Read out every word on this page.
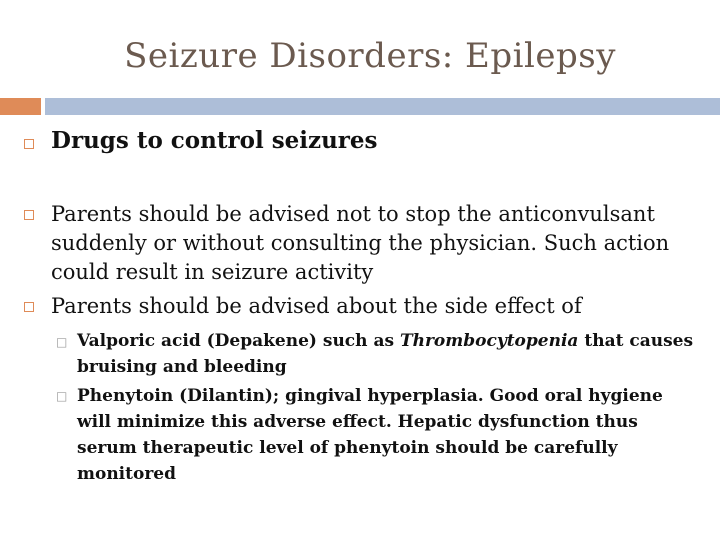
Seizure Disorders: Epilepsy
Drugs to control seizures
Parents should be advised not to stop the anticonvulsant suddenly or without consulting the physician. Such action could result in seizure activity
Parents should be advised about the side effect of
□ Valporic acid (Depakene) such as Thrombocytopenia that causes bruising and bleeding
□ Phenytoin (Dilantin); gingival hyperplasia. Good oral hygiene will minimize this adverse effect. Hepatic dysfunction thus serum therapeutic level of phenytoin should be carefully monitored
